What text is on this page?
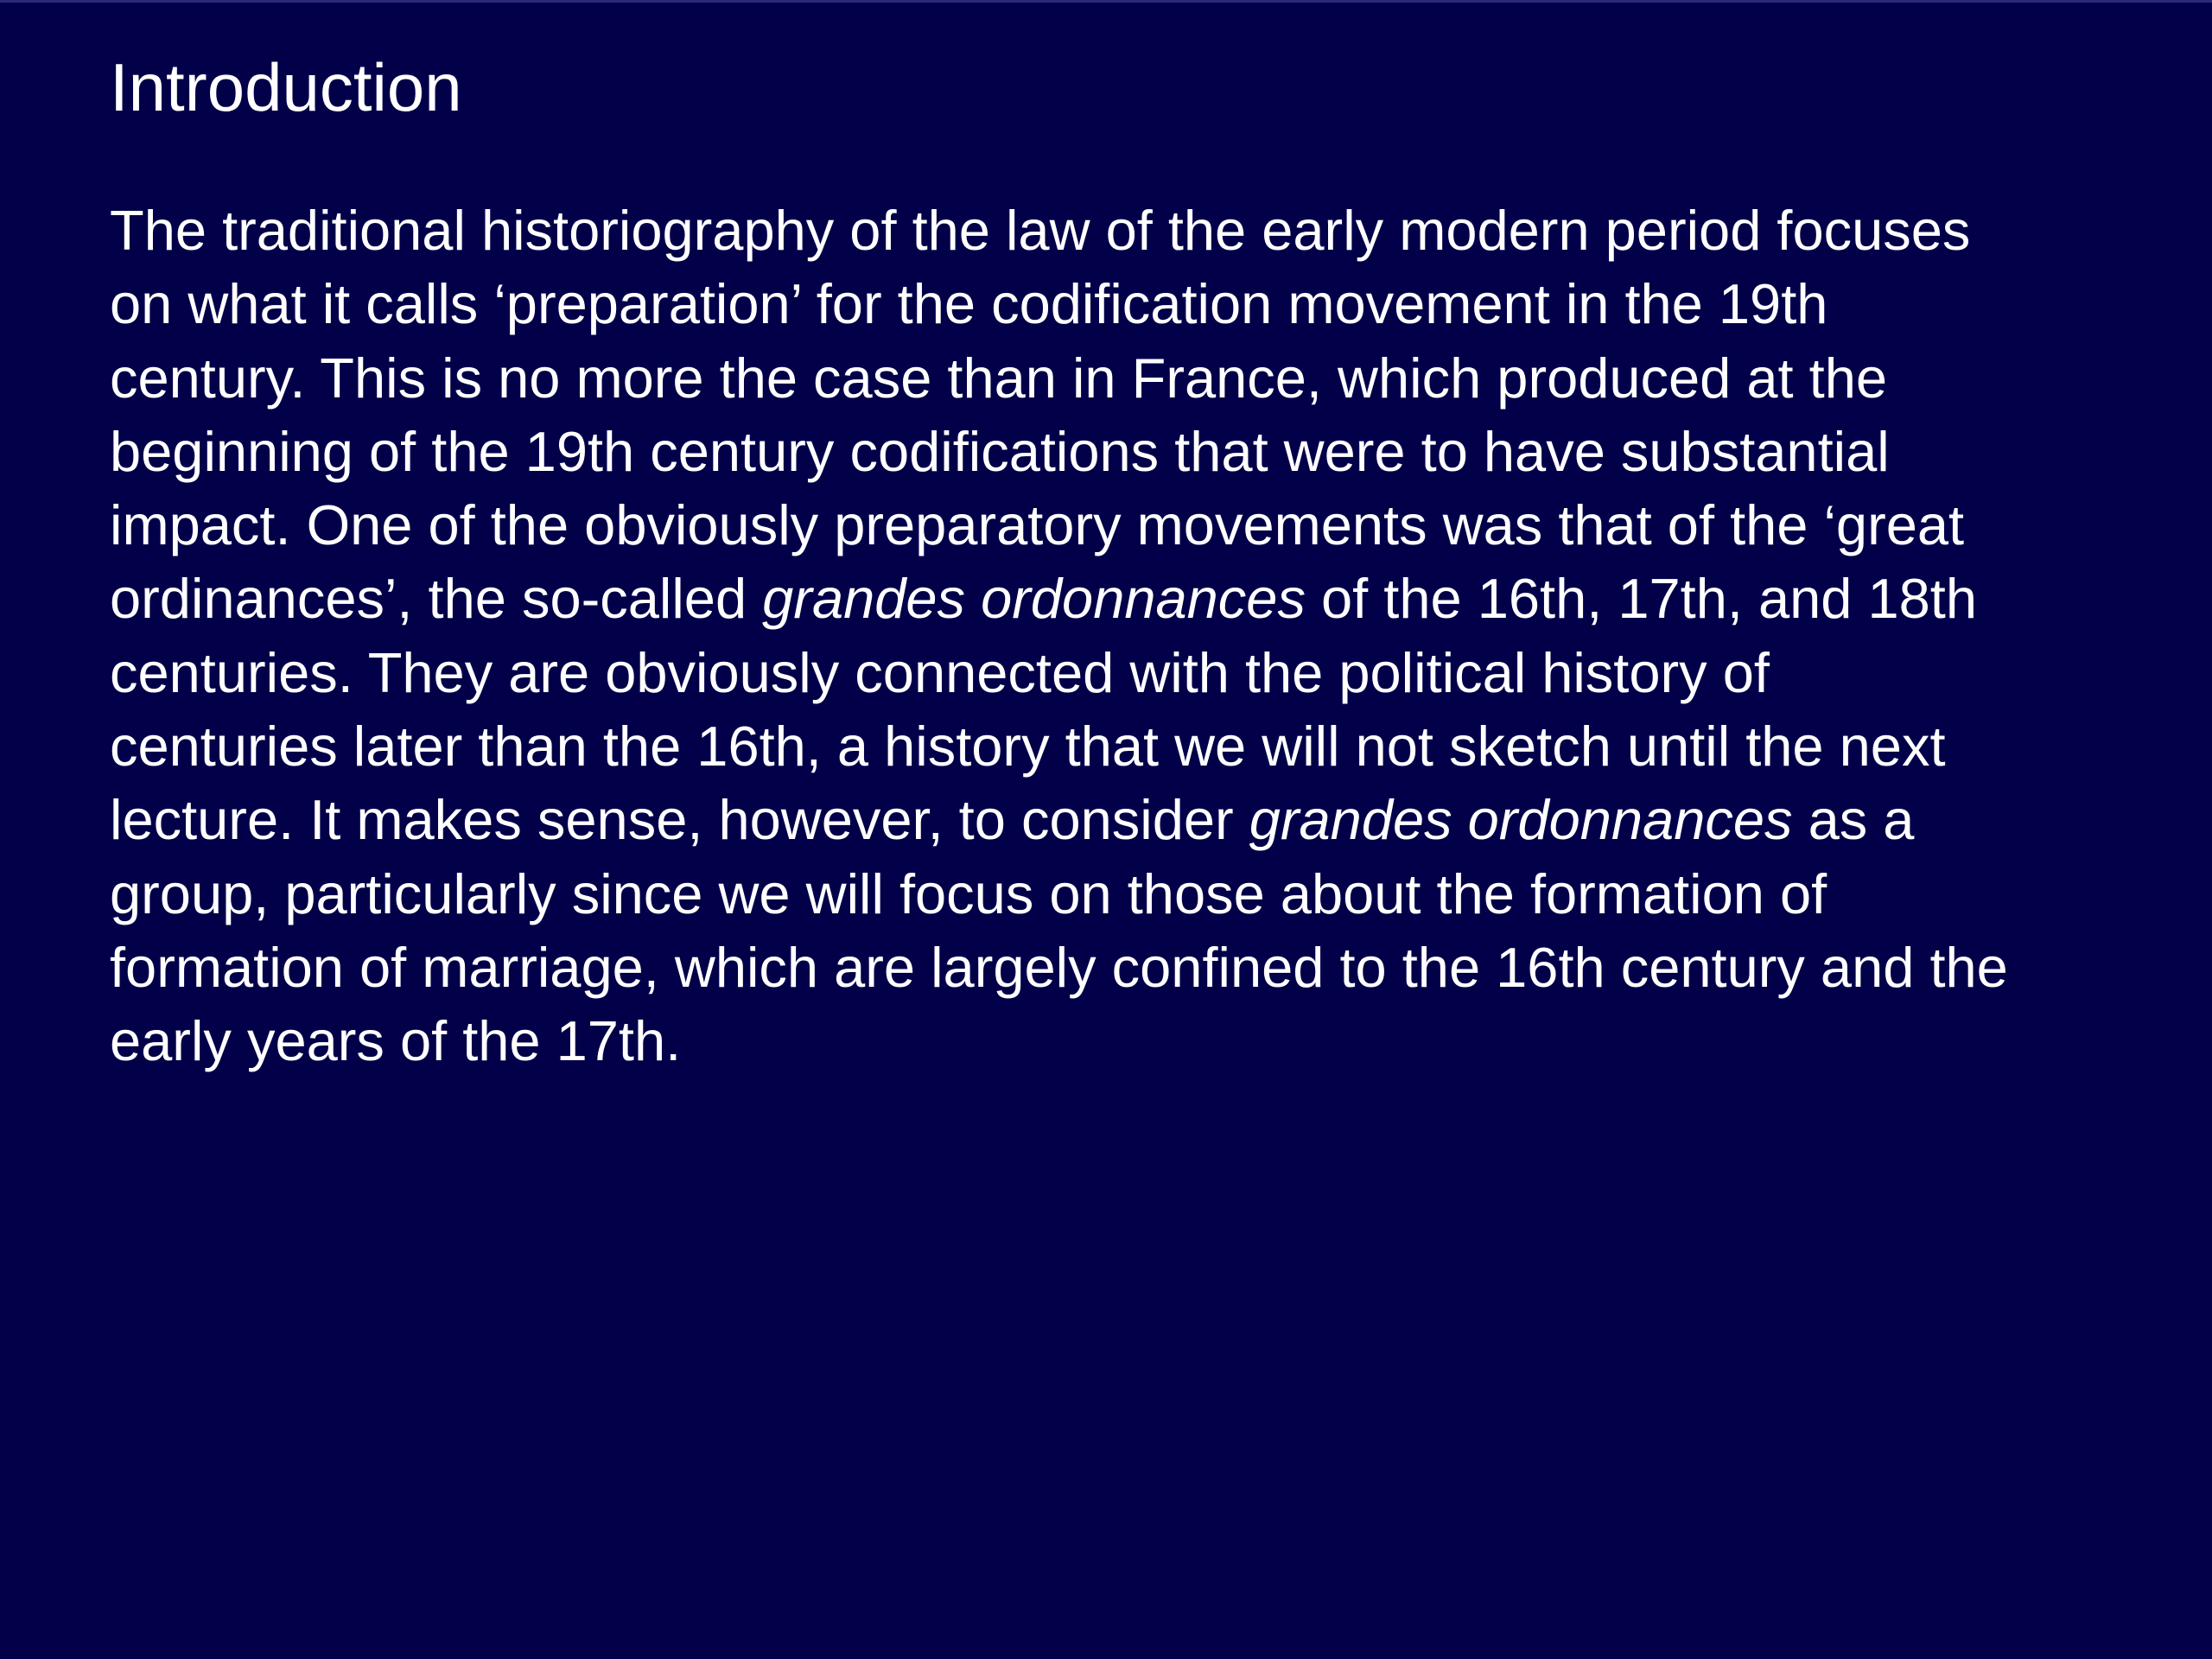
Introduction
The traditional historiography of the law of the early modern period focuses
on what it calls ‘preparation’ for the codification movement in the 19th
century. This is no more the case than in France, which produced at the
beginning of the 19th century codifications that were to have substantial
impact. One of the obviously preparatory movements was that of the ‘great
ordinances’, the so-called grandes ordonnances of the 16th, 17th, and 18th
centuries. They are obviously connected with the political history of
centuries later than the 16th, a history that we will not sketch until the next
lecture. It makes sense, however, to consider grandes ordonnances as a
group, particularly since we will focus on those about the formation of
formation of marriage, which are largely confined to the 16th century and the
early years of the 17th.
